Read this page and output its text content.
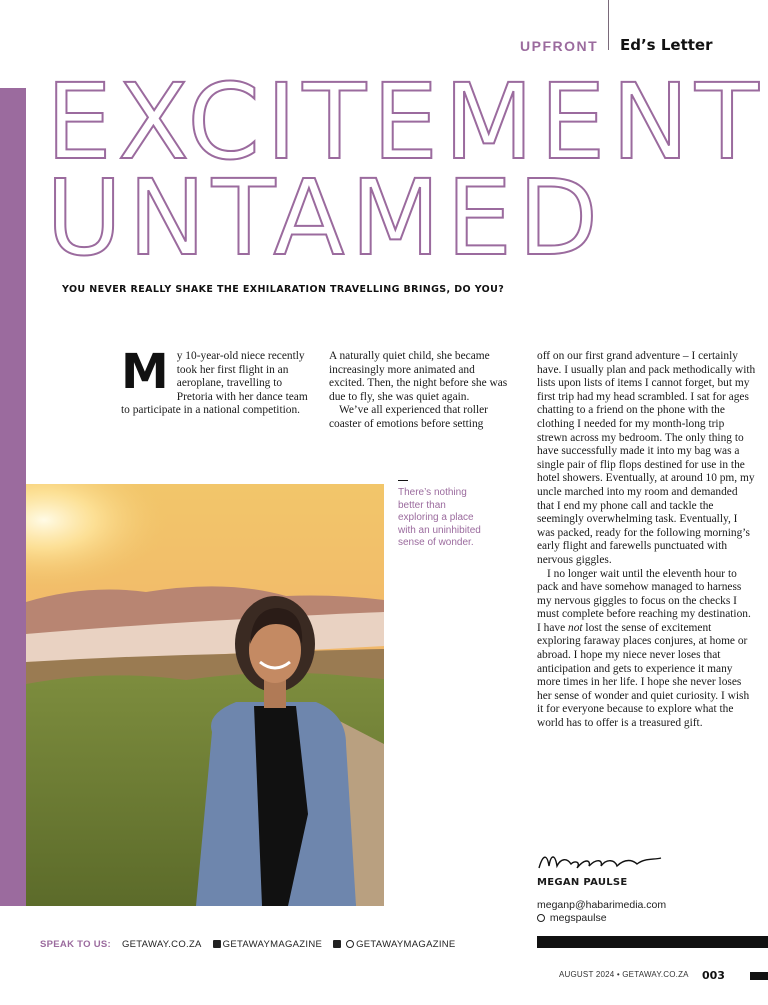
UPFRONT Ed’s Letter
EXCITEMENT
UNTAMED
YOU NEVER REALLY SHAKE THE EXHILARATION TRAVELLING BRINGS, DO YOU?
M y 10-year-old niece recently took her first flight in an aeroplane, travelling to Pretoria with her dance team to participate in a national competition.

A naturally quiet child, she became increasingly more animated and excited. Then, the night before she was due to fly, she was quiet again.

We’ve all experienced that roller coaster of emotions before setting

off on our first grand adventure – I certainly have. I usually plan and pack methodically with lists upon lists of items I cannot forget, but my first trip had my head scrambled. I sat for ages chatting to a friend on the phone with the clothing I needed for my month-long trip strewn across my bedroom. The only thing to have successfully made it into my bag was a single pair of flip flops destined for use in the hotel showers. Eventually, at around 10 pm, my uncle marched into my room and demanded that I end my phone call and tackle the seemingly overwhelming task. Eventually, I was packed, ready for the following morning’s early flight and farewells punctuated with nervous giggles.

I no longer wait until the eleventh hour to pack and have somehow managed to harness my nervous giggles to focus on the checks I must complete before reaching my destination. I have not lost the sense of excitement exploring faraway places conjures, at home or abroad. I hope my niece never loses that anticipation and gets to experience it many more times in her life. I hope she never loses her sense of wonder and quiet curiosity. I wish it for everyone because to explore what the world has to offer is a treasured gift.

There’s nothing better than exploring a place with an uninhibited sense of wonder.
MEGAN PAULSE
meganp@habarimedia.com
megspaulse
SPEAK TO US: GETAWAY.CO.ZA GETAWAYMAGAZINE	GETAWAYMAGAZINE
AUGUST 2024 • GETAWAY.CO.ZA 003
